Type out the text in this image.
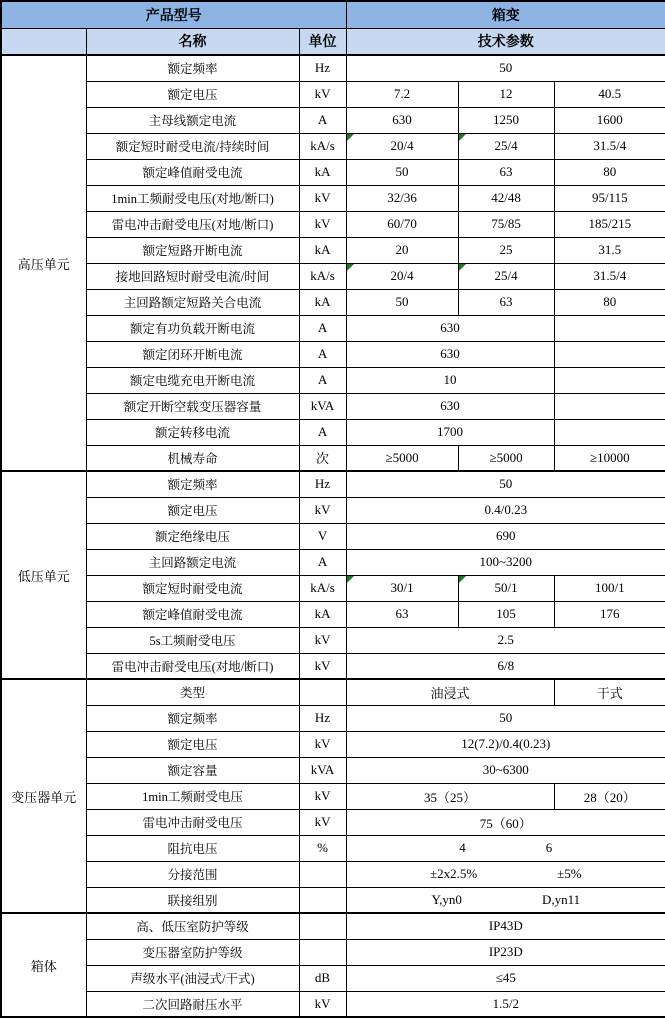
产品型号			箱变		
	名称	单位	技术参数		
高压单元	额定频率	Hz	50		
	额定电压	kV	7.2	12	40.5
	主母线额定电流	A	630	1250	1600
	额定短时耐受电流/持续时间	kA/s	20/4	25/4	31.5/4
	额定峰值耐受电流	kA	50	63	80
	1min工频耐受电压(对地/断口)	kV	32/36	42/48	95/115
	雷电冲击耐受电压(对地/断口)	kV	60/70	75/85	185/215
	额定短路开断电流	kA	20	25	31.5
	接地回路短时耐受电流/时间	kA/s	20/4	25/4	31.5/4
	主回路额定短路关合电流	kA	50	63	80
	额定有功负载开断电流	A	630		
	额定闭环开断电流	A	630		
	额定电缆充电开断电流	A	10		
	额定开断空载变压器容量	kVA	630		
	额定转移电流	A	1700		
	机械寿命	次	≥5000	≥5000	≥10000
低压单元	额定频率	Hz	50		
	额定电压	kV	0.4/0.23		
	额定绝缘电压	V	690		
	主回路额定电流	A	100~3200		
	额定短时耐受电流	kA/s	30/1	50/1	100/1
	额定峰值耐受电流	kA	63	105	176
	5s工频耐受电压	kV	2.5		
	雷电冲击耐受电压(对地/断口)	kV	6/8		
变压器单元	类型		油浸式		干式
	额定频率	Hz	50		
	额定电压	kV	12(7.2)/0.4(0.23)		
	额定容量	kVA	30~6300		
	1min工频耐受电压	kV	35（25）		28（20）
	雷电冲击耐受电压	kV	75（60）		
	阻抗电压	%	4 6		

	分接范围		±2x2.5% ±5%		

	联接组别		Y,yn0 D,yn11		

箱体	高、低压室防护等级		IP43D		
	变压器室防护等级		IP23D		
	声级水平(油浸式/干式)	dB	≤45		
	二次回路耐压水平	kV	1.5/2		
